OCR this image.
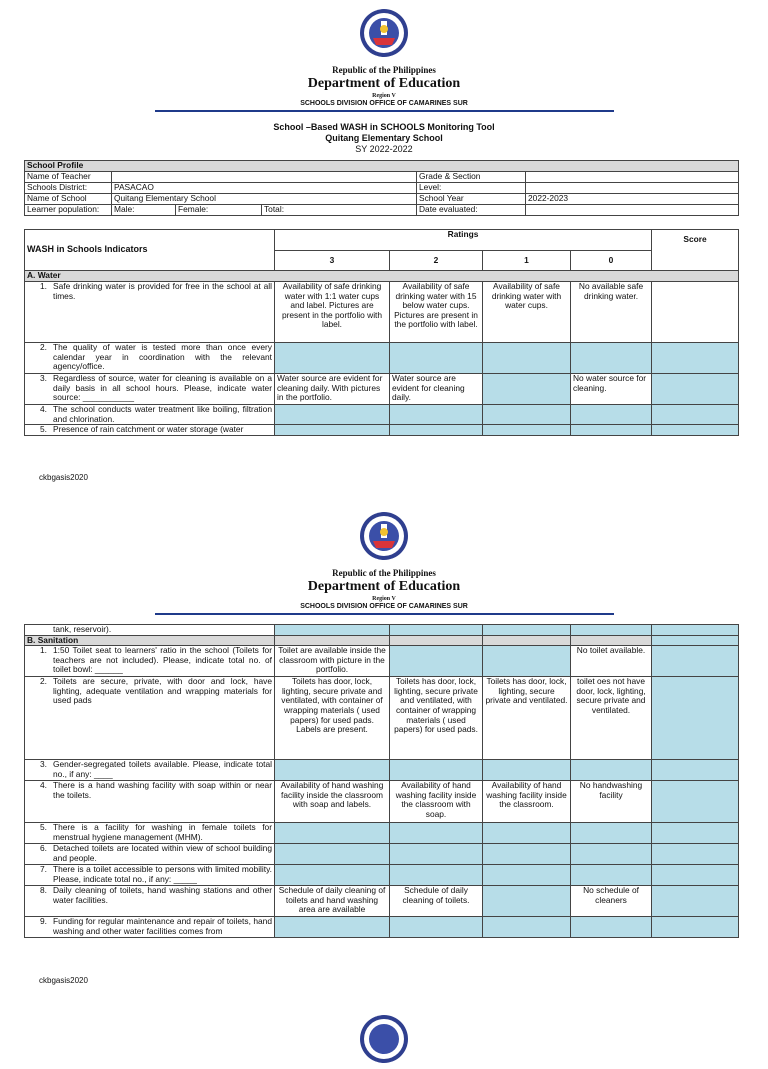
Republic of the Philippines
Department of Education
Region V
SCHOOLS DIVISION OFFICE OF CAMARINES SUR
School –Based WASH in SCHOOLS Monitoring Tool
Quitang Elementary School
SY 2022-2022
School Profile					
Name of Teacher				Grade & Section	
Schools District:	PASACAO			Level:	
Name of School	Quitang Elementary School			School Year	2022-2023
Learner population:	Male:	Female:	Total:	Date evaluated:	
WASH in Schools Indicators	Ratings				Score
	3	2	1	0	
A. Water					

1. Safe drinking water is provided for free in the school at all times.	Availability of safe drinking water with 1:1 water cups and label. Pictures are present in the portfolio with label.	Availability of safe drinking water with 15 below water cups. Pictures are present in the portfolio with label.	Availability of safe drinking water with water cups.	No available safe drinking water.	

2. The quality of water is tested more than once every calendar year in coordination with the relevant agency/office.					

3. Regardless of source, water for cleaning is available on a daily basis in all school hours. Please, indicate water source: ___________	Water source are evident for cleaning daily. With pictures in the portfolio.	Water source are evident for cleaning daily.		No water source for cleaning.	

4. The school conducts water treatment like boiling, filtration and chlorination.					

5. Presence of rain catchment or water storage (water					

ckbgasis2020
Republic of the Philippines
Department of Education
Region V
SCHOOLS DIVISION OFFICE OF CAMARINES SUR
tank, reservoir).					

B. Sanitation					

1. 1:50 Toilet seat to learners' ratio in the school (Toilets for teachers are not included). Please, indicate total no. of toilet bowl: ______	Toilet are available inside the classroom with picture in the portfolio.			No toilet available.	

2. Toilets are secure, private, with door and lock, have lighting, adequate ventilation and wrapping materials for used pads	Toilets has door, lock, lighting, secure private and ventilated, with container of wrapping materials ( used papers) for used pads. Labels are present.	Toilets has door, lock, lighting, secure private and ventilated, with container of wrapping materials ( used papers) for used pads.	Toilets has door, lock, lighting, secure private and ventilated.	toilet oes not have door, lock, lighting, secure private and ventilated.	

3. Gender-segregated toilets available. Please, indicate total no., if any: ____					

4. There is a hand washing facility with soap within or near the toilets.	Availability of hand washing facility inside the classroom with soap and labels.	Availability of hand washing facility inside the classroom with soap.	Availability of hand washing facility inside the classroom.	No handwashing facility	

5. There is a facility for washing in female toilets for menstrual hygiene management (MHM).					

6. Detached toilets are located within view of school building and people.					

7. There is a toilet accessible to persons with limited mobility. Please, indicate total no., if any: _____					

8. Daily cleaning of toilets, hand washing stations and other water facilities.	Schedule of daily cleaning of toilets and hand washing area are available	Schedule of daily cleaning of toilets.		No schedule of cleaners	

9. Funding for regular maintenance and repair of toilets, hand washing and other water facilities comes from					

ckbgasis2020
